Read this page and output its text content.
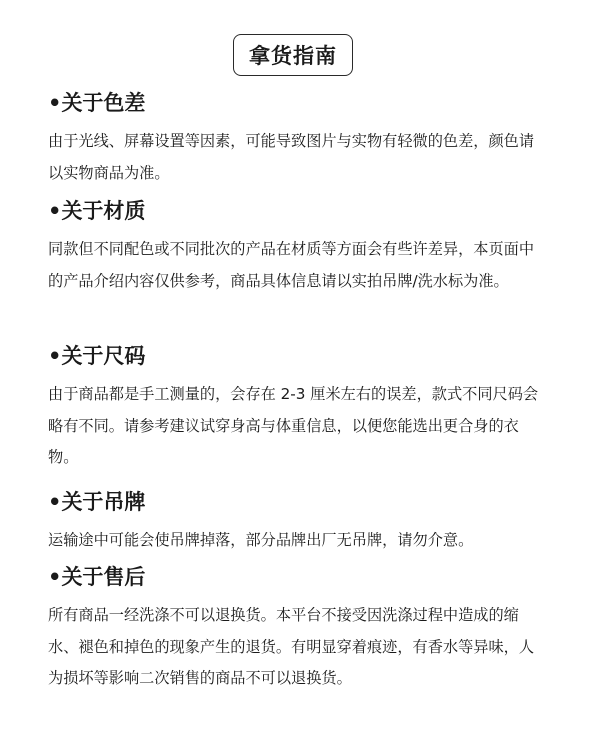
拿货指南
•关于色差

由于光线、屏幕设置等因素，可能导致图片与实物有轻微的色差，颜色请以实物商品为准。

•关于材质

同款但不同配色或不同批次的产品在材质等方面会有些许差异，本页面中的产品介绍内容仅供参考，商品具体信息请以实拍吊牌/洗水标为准。

•关于尺码

由于商品都是手工测量的，会存在 2-3 厘米左右的误差，款式不同尺码会略有不同。请参考建议试穿身高与体重信息，以便您能选出更合身的衣物。

•关于吊牌

运输途中可能会使吊牌掉落，部分品牌出厂无吊牌，请勿介意。

•关于售后

所有商品一经洗涤不可以退换货。本平台不接受因洗涤过程中造成的缩水、褪色和掉色的现象产生的退货。有明显穿着痕迹，有香水等异味，人为损坏等影响二次销售的商品不可以退换货。
